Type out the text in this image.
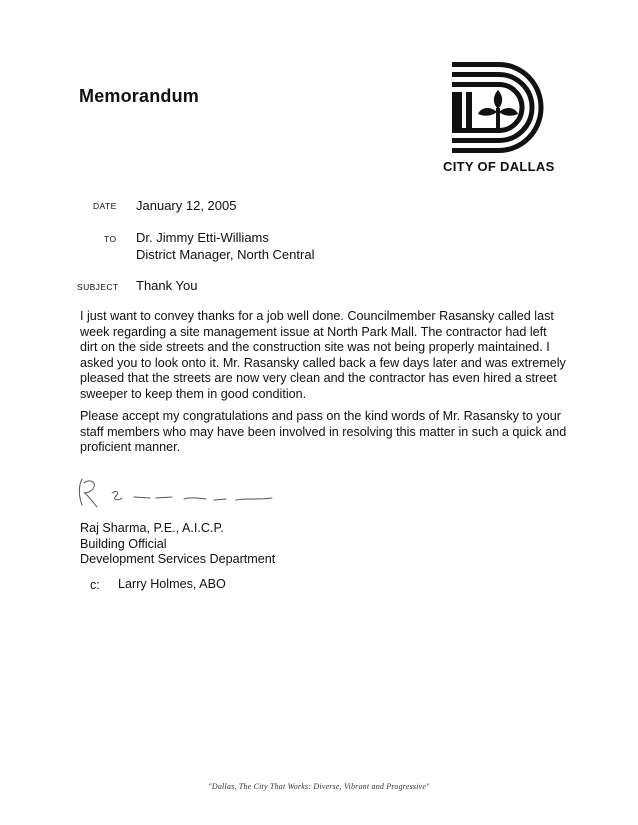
Memorandum
CITY OF DALLAS
DATE January 12, 2005
TO Dr. Jimmy Etti-Williams
District Manager, North Central
SUBJECT Thank You
I just want to convey thanks for a job well done. Councilmember Rasansky called last
week regarding a site management issue at North Park Mall. The contractor had left
dirt on the side streets and the construction site was not being properly maintained. I
asked you to look onto it. Mr. Rasansky called back a few days later and was extremely
pleased that the streets are now very clean and the contractor has even hired a street
sweeper to keep them in good condition.
Please accept my congratulations and pass on the kind words of Mr. Rasansky to your
staff members who may have been involved in resolving this matter in such a quick and
proficient manner.
Raj Sharma, P.E., A.I.C.P.
Building Official
Development Services Department
c: Larry Holmes, ABO
"Dallas, The City That Works: Diverse, Vibrant and Progressive"
